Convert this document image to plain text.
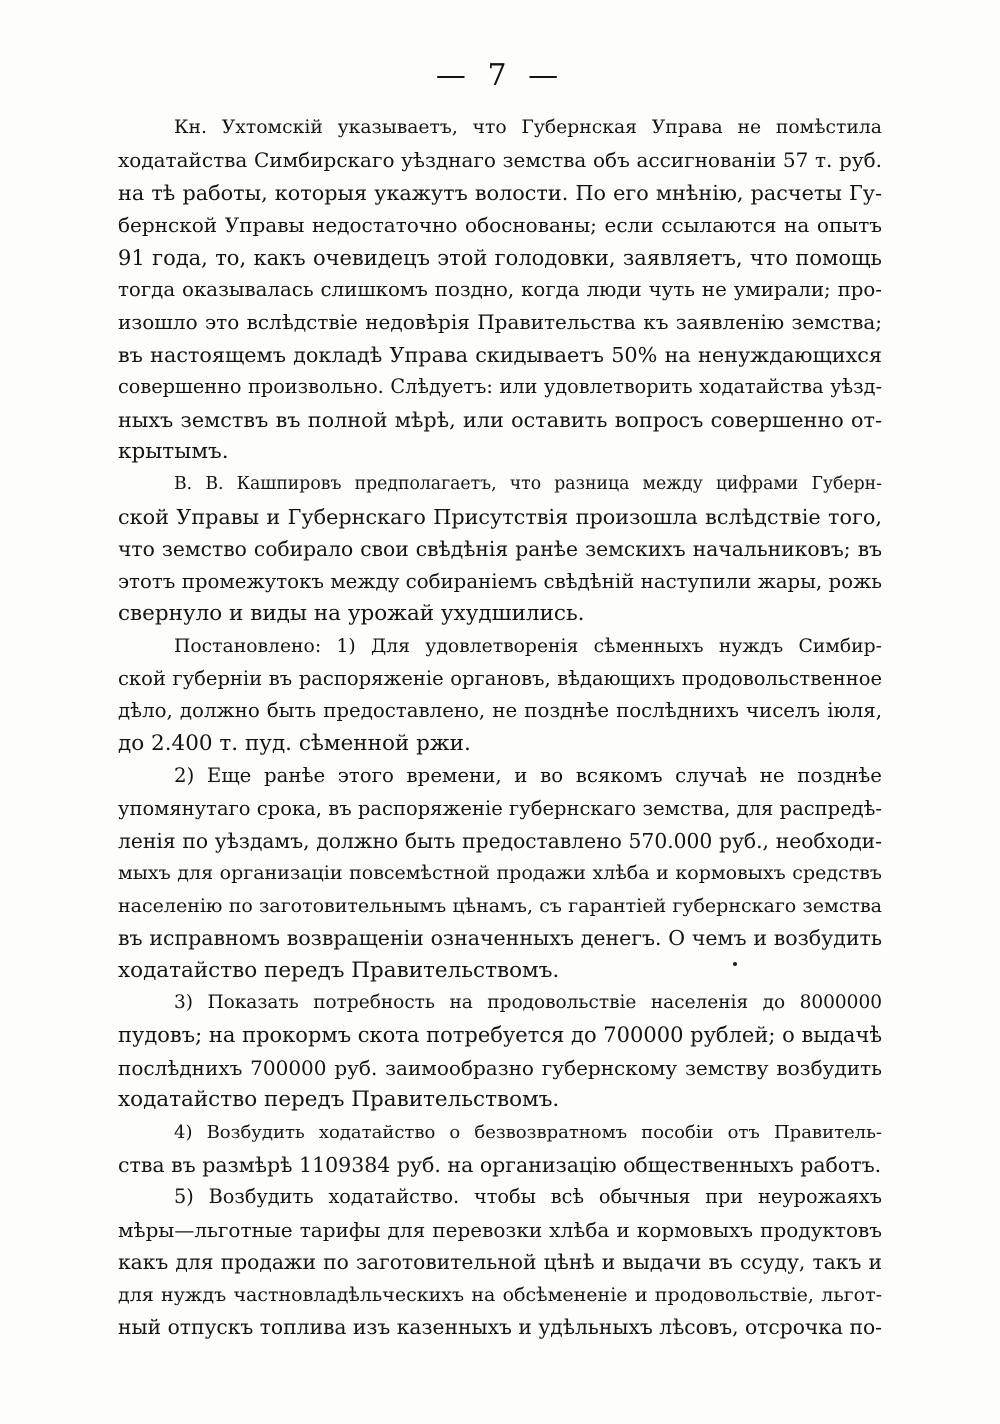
— 7 —

Кн. Ухтомскій указываетъ, что Губернская Управа не помѣстила
ходатайства Симбирскаго уѣзднаго земства объ ассигнованіи 57 т. руб.
на тѣ работы, которыя укажутъ волости. По его мнѣнію, расчеты Гу-
бернской Управы недостаточно обоснованы; если ссылаются на опытъ
91 года, то, какъ очевидецъ этой голодовки, заявляетъ, что помощь
тогда оказывалась слишкомъ поздно, когда люди чуть не умирали; про-
изошло это вслѣдствіе недовѣрія Правительства къ заявленію земства;
въ настоящемъ докладѣ Управа скидываетъ 50% на ненуждающихся
совершенно произвольно. Слѣдуетъ: или удовлетворить ходатайства уѣзд-
ныхъ земствъ въ полной мѣрѣ, или оставить вопросъ совершенно от-
крытымъ.

В. В. Кашпировъ предполагаетъ, что разница между цифрами Губерн-
ской Управы и Губернскаго Присутствія произошла вслѣдствіе того,
что земство собирало свои свѣдѣнія ранѣе земскихъ начальниковъ; въ
этотъ промежутокъ между собираніемъ свѣдѣній наступили жары, рожь
свернуло и виды на урожай ухудшились.

Постановлено: 1) Для удовлетворенія сѣменныхъ нуждъ Симбир-
ской губерніи въ распоряженіе органовъ, вѣдающихъ продовольственное
дѣло, должно быть предоставлено, не позднѣе послѣднихъ чиселъ іюля,
до 2.400 т. пуд. сѣменной ржи.

2) Еще ранѣе этого времени, и во всякомъ случаѣ не позднѣе
упомянутаго срока, въ распоряженіе губернскаго земства, для распредѣ-
ленія по уѣздамъ, должно быть предоставлено 570.000 руб., необходи-
мыхъ для организаціи повсемѣстной продажи хлѣба и кормовыхъ средствъ
населенію по заготовительнымъ цѣнамъ, съ гарантіей губернскаго земства
въ исправномъ возвращеніи означенныхъ денегъ. О чемъ и возбудить
ходатайство передъ Правительствомъ.

3) Показать потребность на продовольствіе населенія до 8000000
пудовъ; на прокормъ скота потребуется до 700000 рублей; о выдачѣ
послѣднихъ 700000 руб. заимообразно губернскому земству возбудить
ходатайство передъ Правительствомъ.

4) Возбудить ходатайство о безвозвратномъ пособіи отъ Правитель-
ства въ размѣрѣ 1109384 руб. на организацію общественныхъ работъ.

5) Возбудить ходатайство. чтобы всѣ обычныя при неурожаяхъ
мѣры—льготные тарифы для перевозки хлѣба и кормовыхъ продуктовъ
какъ для продажи по заготовительной цѣнѣ и выдачи въ ссуду, такъ и
для нуждъ частновладѣльческихъ на обсѣмененіе и продовольствіе, льгот-
ный отпускъ топлива изъ казенныхъ и удѣльныхъ лѣсовъ, отсрочка по-
